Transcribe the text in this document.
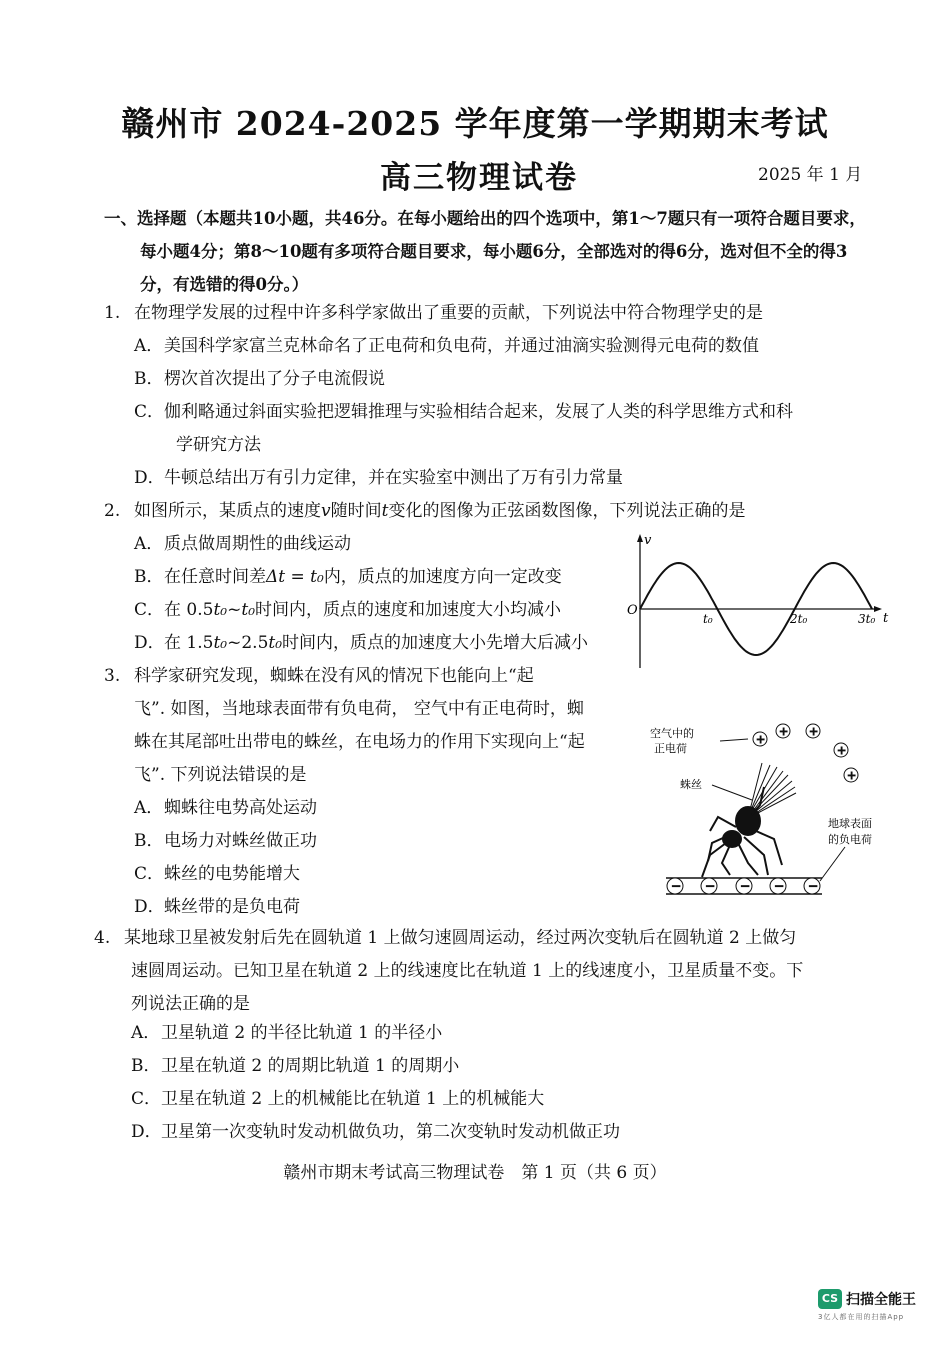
赣州市 2024-2025 学年度第一学期期末考试
高三物理试卷	2025 年 1 月
一、选择题（本题共10小题，共46分。在每小题给出的四个选项中，第1～7题只有一项符合题目要求，每小题4分；第8～10题有多项符合题目要求，每小题6分，全部选对的得6分，选对但不全的得3分，有选错的得0分。）
1. 在物理学发展的过程中许多科学家做出了重要的贡献，下列说法中符合物理学史的是
A．美国科学家富兰克林命名了正电荷和负电荷，并通过油滴实验测得元电荷的数值
B．楞次首次提出了分子电流假说
C．伽利略通过斜面实验把逻辑推理与实验相结合起来，发展了人类的科学思维方式和科
学研究方法
D．牛顿总结出万有引力定律，并在实验室中测出了万有引力常量
2. 如图所示，某质点的速度v随时间t变化的图像为正弦函数图像，下列说法正确的是
A．质点做周期性的曲线运动
B．在任意时间差Δt = t₀内，质点的加速度方向一定改变
C．在 0.5t₀~t₀时间内，质点的速度和加速度大小均减小
D．在 1.5t₀~2.5t₀时间内，质点的加速度大小先增大后减小
v
t
O
t₀	2t₀	3t₀
3. 科学家研究发现，蜘蛛在没有风的情况下也能向上“起
飞”. 如图，当地球表面带有负电荷， 空气中有正电荷时，蜘
蛛在其尾部吐出带电的蛛丝，在电场力的作用下实现向上“起
飞”. 下列说法错误的是
A．蜘蛛往电势高处运动
B．电场力对蛛丝做正功
C．蛛丝的电势能增大
D．蛛丝带的是负电荷
空气中的
正电荷
+
+ +
+
+
蛛丝
地球表面
的负电荷
− − − − −
4. 某地球卫星被发射后先在圆轨道 1 上做匀速圆周运动，经过两次变轨后在圆轨道 2 上做匀
速圆周运动。已知卫星在轨道 2 上的线速度比在轨道 1 上的线速度小，卫星质量不变。下
列说法正确的是
A．卫星轨道 2 的半径比轨道 1 的半径小
B．卫星在轨道 2 的周期比轨道 1 的周期小
C．卫星在轨道 2 上的机械能比在轨道 1 上的机械能大
D．卫星第一次变轨时发动机做负功，第二次变轨时发动机做正功
赣州市期末考试高三物理试卷　第 1 页（共 6 页）
CS 扫描全能王
3亿人都在用的扫描App
